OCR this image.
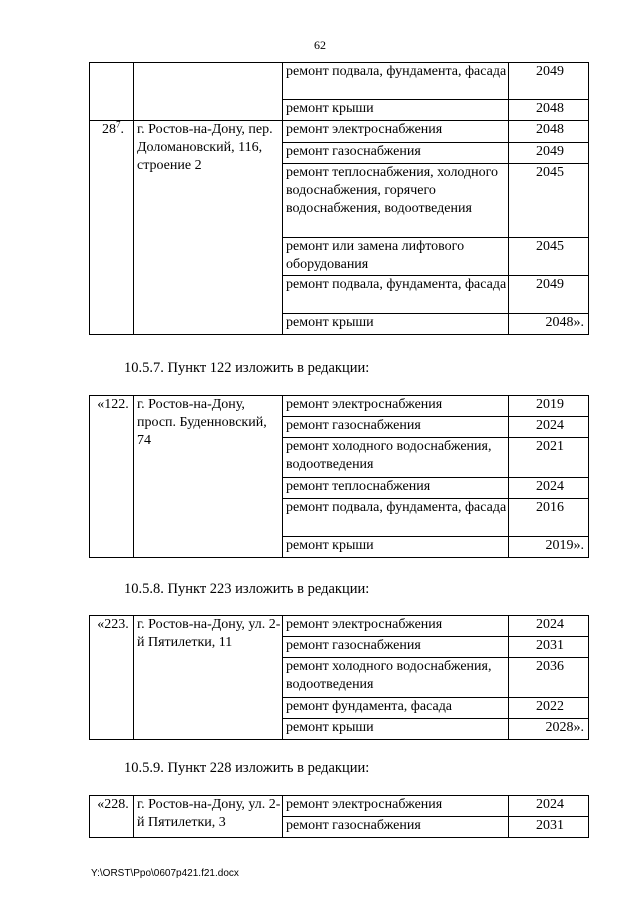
62
		ремонт подвала, фундамента, фасада	2049
		ремонт крыши	2048
$28^7$.	г. Ростов-на-Дону, пер. Доломановский, 116, строение 2	ремонт электроснабжения	2048
		ремонт газоснабжения	2049
		ремонт теплоснабжения, холодного водоснабжения, горячего водоснабжения, водоотведения	2045
		ремонт или замена лифтового оборудования	2045
		ремонт подвала, фундамента, фасада	2049
		ремонт крыши	2048».
10.5.7. Пункт 122 изложить в редакции:
«122.	г. Ростов-на-Дону, просп. Буденновский, 74	ремонт электроснабжения	2019
		ремонт газоснабжения	2024
		ремонт холодного водоснабжения, водоотведения	2021
		ремонт теплоснабжения	2024
		ремонт подвала, фундамента, фасада	2016
		ремонт крыши	2019».
10.5.8. Пункт 223 изложить в редакции:
«223.	г. Ростов-на-Дону, ул. 2-й Пятилетки, 11	ремонт электроснабжения	2024
		ремонт газоснабжения	2031
		ремонт холодного водоснабжения, водоотведения	2036
		ремонт фундамента, фасада	2022
		ремонт крыши	2028».
10.5.9. Пункт 228 изложить в редакции:
«228.	г. Ростов-на-Дону, ул. 2-й Пятилетки, 3	ремонт электроснабжения	2024
		ремонт газоснабжения	2031
Y:\ORST\Ppo\0607p421.f21.docx
